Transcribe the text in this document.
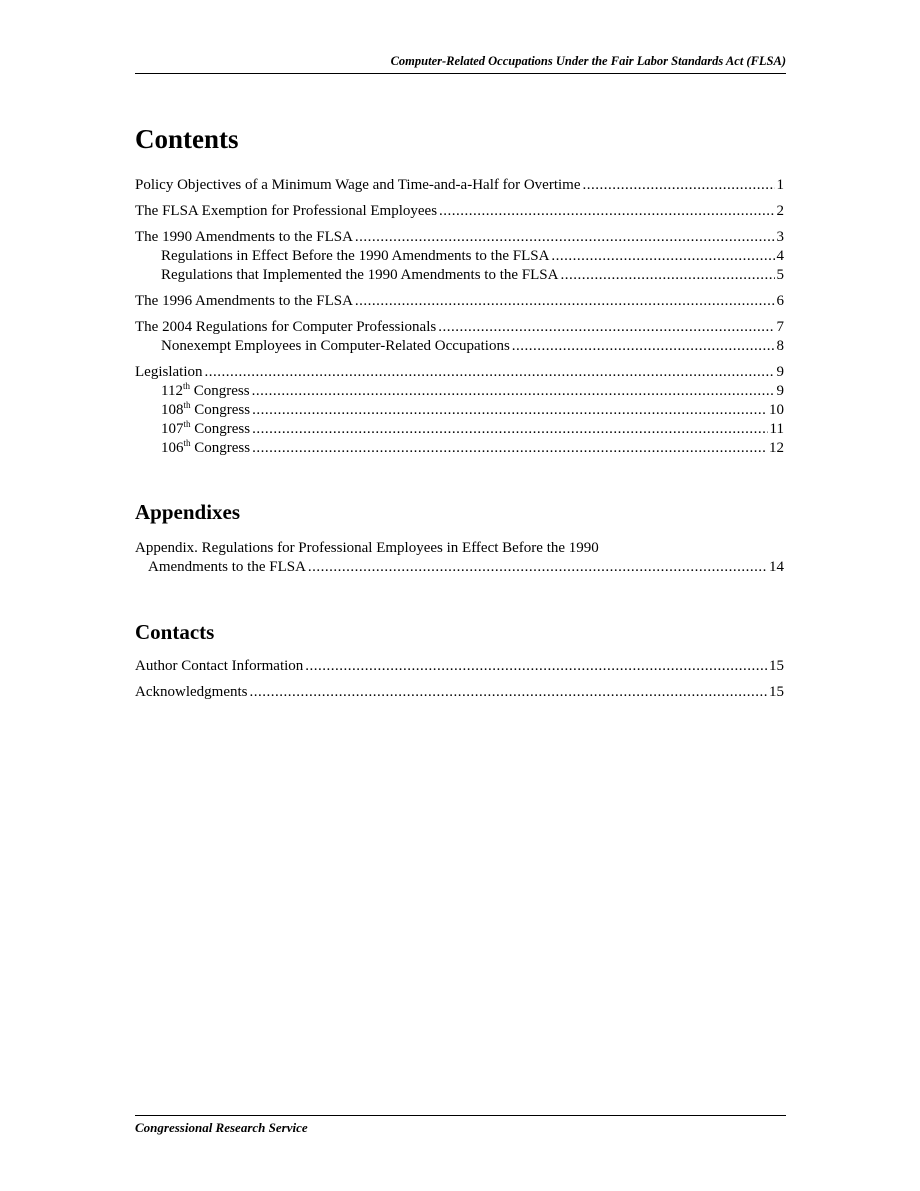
Computer-Related Occupations Under the Fair Labor Standards Act (FLSA)
Contents
Policy Objectives of a Minimum Wage and Time-and-a-Half for Overtime .....	1
The FLSA Exemption for Professional Employees .....	2
The 1990 Amendments to the FLSA .....	3
Regulations in Effect Before the 1990 Amendments to the FLSA .....	4
Regulations that Implemented the 1990 Amendments to the FLSA .....	5
The 1996 Amendments to the FLSA .....	6
The 2004 Regulations for Computer Professionals .....	7
Nonexempt Employees in Computer-Related Occupations .....	8
Legislation .....	9
112th Congress .....	9
108th Congress .....	10
107th Congress .....	11
106th Congress .....	12
Appendixes
Appendix. Regulations for Professional Employees in Effect Before the 1990
Amendments to the FLSA .....	14
Contacts
Author Contact Information .....	15
Acknowledgments .....	15
Congressional Research Service
